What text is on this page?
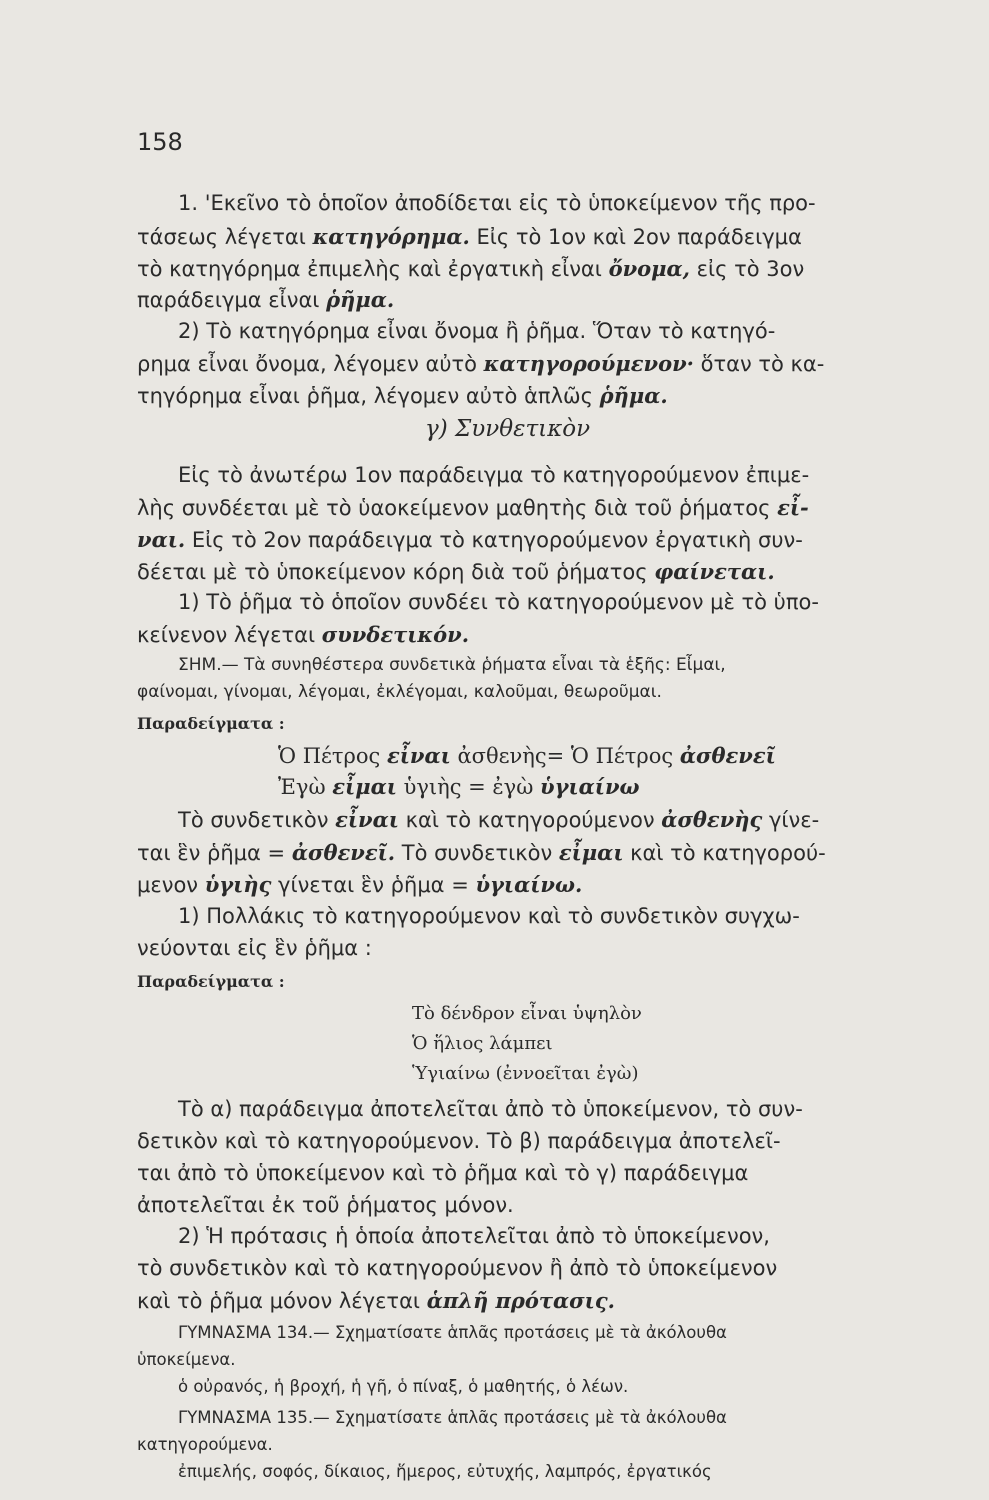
158
1. 'Εκεῖνο τὸ ὁποῖον ἀποδίδεται εἰς τὸ ὑποκείμενον τῆς προ-
τάσεως λέγεται κατηγόρημα. Εἰς τὸ 1ον καὶ 2ον παράδειγμα
τὸ κατηγόρημα ἐπιμελὴς καὶ ἐργατικὴ εἶναι ὄνομα, εἰς τὸ 3ον
παράδειγμα εἶναι ῥῆμα.
2) Τὸ κατηγόρημα εἶναι ὄνομα ἢ ῥῆμα. Ὅταν τὸ κατηγό-
ρημα εἶναι ὄνομα, λέγομεν αὐτὸ κατηγορούμενον· ὅταν τὸ κα-
τηγόρημα εἶναι ῥῆμα, λέγομεν αὐτὸ ἁπλῶς ῥῆμα.
γ) Συνθετικὸν
Εἰς τὸ ἀνωτέρω 1ον παράδειγμα τὸ κατηγορούμενον ἐπιμε-
λὴς συνδέεται μὲ τὸ ὑαοκείμενον μαθητὴς διὰ τοῦ ῥήματος εἶ-
ναι. Εἰς τὸ 2ον παράδειγμα τὸ κατηγορούμενον ἐργατικὴ συν-
δέεται μὲ τὸ ὑποκείμενον κόρη διὰ τοῦ ῥήματος φαίνεται.
1) Τὸ ῥῆμα τὸ ὁποῖον συνδέει τὸ κατηγορούμενον μὲ τὸ ὑπο-
κείνενον λέγεται συνδετικόν.
ΣΗΜ.— Τὰ συνηθέστερα συνδετικὰ ῥήματα εἶναι τὰ ἑξῆς: Εἶμαι,
φαίνομαι, γίνομαι, λέγομαι, ἐκλέγομαι, καλοῦμαι, θεωροῦμαι.
Παραδείγματα :
Ὁ Πέτρος εἶναι ἀσθενὴς= Ὁ Πέτρος ἀσθενεῖ
Ἐγὼ εἶμαι ὑγιὴς = ἐγὼ ὑγιαίνω
Τὸ συνδετικὸν εἶναι καὶ τὸ κατηγορούμενον ἀσθενὴς γίνε-
ται ἓν ῥῆμα = ἀσθενεῖ. Τὸ συνδετικὸν εἶμαι καὶ τὸ κατηγορού-
μενον ὑγιὴς γίνεται ἓν ῥῆμα = ὑγιαίνω.
1) Πολλάκις τὸ κατηγορούμενον καὶ τὸ συνδετικὸν συγχω-
νεύονται εἰς ἓν ῥῆμα :
Παραδείγματα :
Τὸ δένδρον εἶναι ὑψηλὸν
Ὁ ἥλιος λάμπει
Ὑγιαίνω (ἐννοεῖται ἐγὼ)
Τὸ α) παράδειγμα ἀποτελεῖται ἀπὸ τὸ ὑποκείμενον, τὸ συν-
δετικὸν καὶ τὸ κατηγορούμενον. Τὸ β) παράδειγμα ἀποτελεῖ-
ται ἀπὸ τὸ ὑποκείμενον καὶ τὸ ῥῆμα καὶ τὸ γ) παράδειγμα
ἀποτελεῖται ἐκ τοῦ ῥήματος μόνον.
2) Ἡ πρότασις ἡ ὁποία ἀποτελεῖται ἀπὸ τὸ ὑποκείμενον,
τὸ συνδετικὸν καὶ τὸ κατηγορούμενον ἢ ἀπὸ τὸ ὑποκείμενον
καὶ τὸ ῥῆμα μόνον λέγεται ἁπλῆ πρότασις.
ΓΥΜΝΑΣΜΑ 134.— Σχηματίσατε ἁπλᾶς προτάσεις μὲ τὰ ἀκόλουθα
ὑποκείμενα.
ὁ οὐρανός, ἡ βροχή, ἡ γῆ, ὁ πίναξ, ὁ μαθητής, ὁ λέων.
ΓΥΜΝΑΣΜΑ 135.— Σχηματίσατε ἁπλᾶς προτάσεις μὲ τὰ ἀκόλουθα
κατηγορούμενα.
ἐπιμελής, σοφός, δίκαιος, ἥμερος, εὐτυχής, λαμπρός, ἐργατικός
